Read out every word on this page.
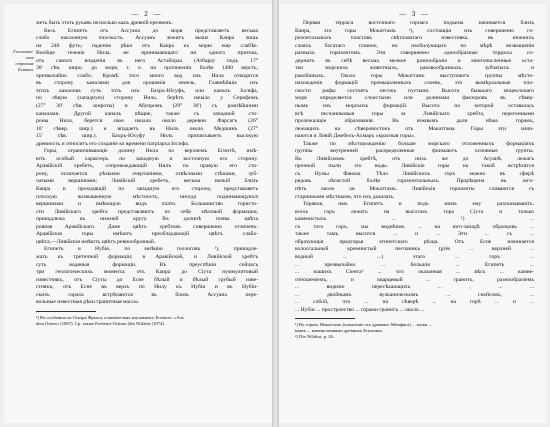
— 2 —
Геологиче-
ское строение
Египта.
жеть быть этоть рукавъ несколько какъ древній ерезвонъ.
Весь Египетъ отъ Ассуана до моря представляетъ весьма
слабо наклонную плоскость. Ассуанъ лежитъ выше Каира лишь
на 246 футъ; падение рѣки отъ Каира къ морю еще слабѣе.
Вообще теченіе Нила, не принимающаго ни одного притока,
отъ самого впаденія въ него Астабораа (Атбара) подъ 17°
30' сѣв. широ. до моря, т. е. на протяженіи болѣе 1400 версть,
чрезвычайно слабо. Кромѣ того много вод изъ Нила отводится
въ сторону каналами для орошенія земель. Главнѣйшіе изъ
этихъ каналовъ суть тотъ изъ: Бахръ-Юсуфъ, или каналъ Іосифа,
по лѣвую (западную) сторону Нила, берѣтъ начало у Серифомъ
(27° 30' сѣв. широты) и Абуиромъ (29° 30') съ разнѣйшими
каналами. Другой каналъ вѣщие, также съ западной сто-
роны Нила, берется свое начало около деревни Фарсагъ (26°
10' сѣвер. шир.) и впадаетъ въ Нилъ около Медшинъ (27°
15' сѣв. шир.). Бахръ-Юсуфу Нилъ приписываетъ высокую
древность и относитъ его созданіе ко времени патріарха Іосифа.
Горы, ограничивающіе долину Нила по верхнемъ Египтѣ, имѣ-
ютъ особый характеръ по западную и восточную его сторону.
Аравійскій хребетъ, сопровождающій Нилъ по правую его сто-
рону, отличается рѣзкими очертаніями, отвѣсными стѣнами, зуб-
чатыми вершинами; Ливійскій хребетъ, весьма низкій близъ
Каира и проходящій по западную его сторону, представляетъ
плоскую возвышенную мѣстность, иногда поднимающуюся
вершинами и имѣющую видъ плато. Большинство гористо-
сти Ливійскаго хребта представляютъ из себя мѣловой формации,
принадлежа къ нижней кругу. Въ долинѣ почва цвѣта
ровная Аравійскаго. Даже цвѣтъ хребтовъ совершенно отличенъ:
Аравійскія горы имѣютъ преобладающій цвѣтъ слабо-
цвѣта,—Ливійскія имѣютъ цвѣтъ ревнообразный.
Египетъ и Нубія, по мнѣнію геологовъ ¹), принадле-
жатъ къ третичной формаціи; в Аравійской, и Ливійской хребтъ
суть водяныя формаціи. Въ преуспѣніи сейчасъ
три геологическихъ момента: отъ Каира до Сіута нуммулитовый
известнякъ, отъ Сіуты до Есне бѣлый и бѣлый грубый изве-
стнякъ; отъ Есне въ верхъ по Нилу къ Нубіи и въ Нубіи-
скихъ горахъ встрѣчаются въ близъ Ассуана пере-
вольные известныя рѣки гранитныя массы.
¹) Въ особенности Оскара Фрааса, основательно изучавшаго Египетъ: «Aus
dem Orient» (1867). Ср. также Frobenst-Ochsen (die Nilfahrt (1874).
— 3 —
Первая терраса восточнаго горнаго подъема начинается близъ
Каира, это горы Мокаттамъ ¹), состоящія изъ совершенно го-
ризонтальныхъ пластовъ свѣтловатаго известняка, въ нижнихъ
слояхъ богатаго глиною, но изобилующаго по мѣрѣ возвышенія
разныхъ горизонтомъ. Эти совершенно однообразные террасы со-
держатъ въ себѣ весьма мелкое разнообразіе и многочисленные оста-
тки морскихъ животныхъ, раковообразныхъ, зубчатыхъ и
ракобиныхъ. Около горы Мокаттамъ выступаютъ группы мѣсто-
нахожденія формацій промышленныхъ слоевъ, это вымѣрзальные пло-
скости рифы состоятъ песокъ пустыни. Высота бывшаго моцеклонаго
моря определяется слоистыми или долинами факторовъ въ сѣвер-
нымъ изъ морскихъ формацій. Высота на которой оставалась
всѣ песчаниковыя горы за Ливійскаго хребта, перегонными
пролежалщіе образованія. Въ южнымъ дали нѣма горамъ,
лежащихъ на сѣверовостокъ отъ Мокаттама. Горы эти начи-
наются и Ливій Джебель-Ахмаръ «красныя горы».
Также по мѣсторожденію больше морскаго отложенныхъ формаціяхъ
группы внутренней распределенные фнимаютъ основные грунты.
Въ Ливійскомъ хребтѣ, отъ нихъ же до Асуанѣ, лежатъ
прочной пыли эго воды. Ливійскіе горы на такой встрѣтятся
съ Нумы Фаюма. Тѣло Ливійскихъ горъ можно въ сферѣ
рядовъ лѣсистой болѣе горизонтальныхъ. Прорѣщена въ юго-
нѣтъ около ли Мокаттамъ. Ливійскія горизонты сливаются съ
старинными мѣстными, что ихъ доказать.
Теряющ имъ Египетъ и подъ нимъ ему разсказываютъ.
всехъ горъ лежатъ на высотахъ гора Сіута и только
каменистыхъ ... ¹) ...
съ того горъ, мы виднѣемъ ... на юго-западѣ образцовъ ...
также тамъ высится ... и ... Эти ... съ ...
образующія предгорья египетскаго рѣзца. Отъ Есне начинается
колоссальный кремнистый песчаникъ (grès ... верхней ...
водный ... ...) этаго ... горъ ...
... чрезвычайно ... большія ... Египетъ ...
... нашихъ Сіента² ... что оказанная ... вѣсъ ... камне-
отношеніемъ, и кварцевый ... гранитъ, разнообразіемъ
... видимо пересѣкающихъ ... , ... ...
... двойнымъ вулканическимъ ... гнейсомъ, ...
... собой, что ... на сѣверѣ ... на горѣ ... и ...
... Нубіи ... пространство ... горами гранитъ ... около ...
¹) Въ горахъ Мокаттамъ (покаленіе отъ древняго Мемфиса) ... мужи ...
нымъ ... каменоломнями древнихъ Египтянъ.
²) Die Nilfahrt, p. 26.
